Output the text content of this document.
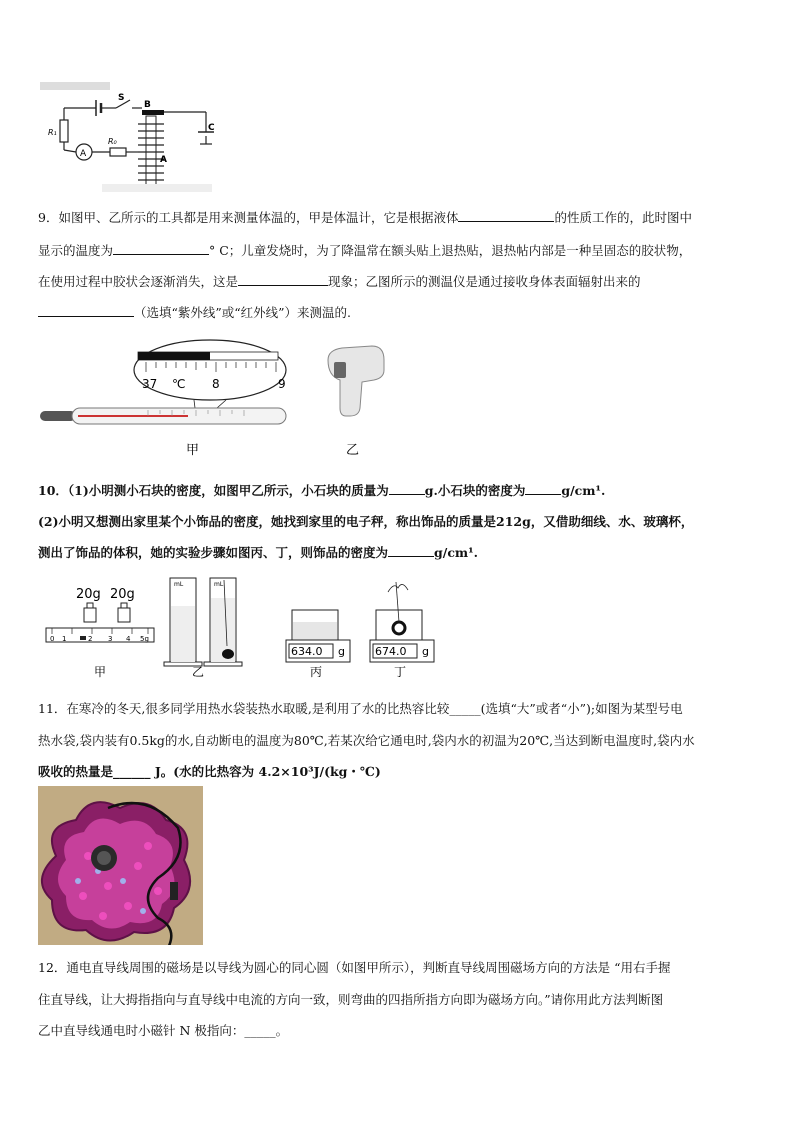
S
B
C
R₁
A
R₀
A
9．如图甲、乙所示的工具都是用来测量体温的，甲是体温计，它是根据液体	的性质工作的，此时图中
显示的温度为	° C；儿童发烧时，为了降温常在额头贴上退热贴，退热帖内部是一种呈固态的胶状物，
在使用过程中胶状会逐渐消失，这是	现象；乙图所示的测温仪是通过接收身体表面辐射出来的
（选填“紫外线”或“红外线”）来测温的.
37 ℃ 8	9
甲	乙
10．（1)小明测小石块的密度，如图甲乙所示，小石块的质量为	g.小石块的密度为	g/cm¹.
(2)小明又想测出家里某个小饰品的密度，她找到家里的电子秤，称出饰品的质量是212g，又借助细线、水、玻璃杯，
测出了饰品的体积，她的实验步骤如图丙、丁，则饰品的密度为	g/cm¹.
20g 20g
0 1	2 3 4 5g
甲
mL	mL
乙
634.0 g
丙
674.0 g
丁
11．在寒冷的冬天,很多同学用热水袋装热水取暖,是利用了水的比热容比较_____(选填“大”或者“小”);如图为某型号电
热水袋,袋内装有0.5kg的水,自动断电的温度为80℃,若某次给它通电时,袋内水的初温为20℃,当达到断电温度时,袋内水
吸收的热量是______ J。(水的比热容为 4.2×10³J/(kg・℃)
12．通电直导线周围的磁场是以导线为圆心的同心圆（如图甲所示），判断直导线周围磁场方向的方法是 “用右手握
住直导线，让大拇指指向与直导线中电流的方向一致，则弯曲的四指所指方向即为磁场方向。”请你用此方法判断图
乙中直导线通电时小磁针 N 极指向：_____。
